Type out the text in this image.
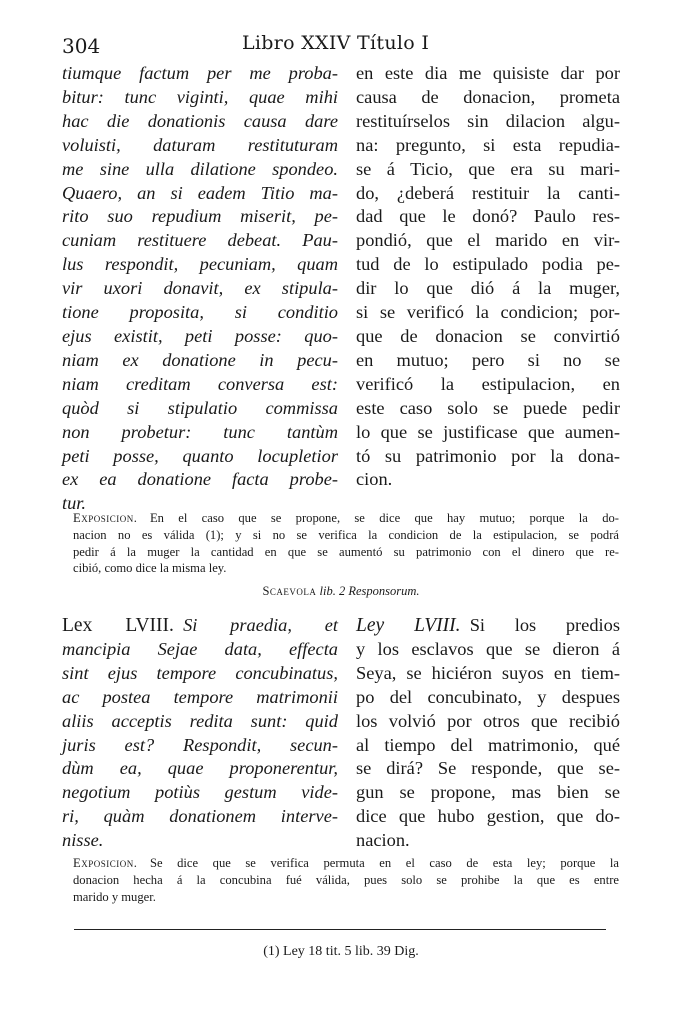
304	Libro XXIV Título I
tiumque factum per me proba-
bitur: tunc viginti, quae mihi
hac die donationis causa dare
voluisti, daturam restituturam
me sine ulla dilatione spondeo.
Quaero, an si eadem Titio ma-
rito suo repudium miserit, pe-
cuniam restituere debeat. Pau-
lus respondit, pecuniam, quam
vir uxori donavit, ex stipula-
tione proposita, si conditio
ejus existit, peti posse: quo-
niam ex donatione in pecu-
niam creditam conversa est:
quòd si stipulatio commissa
non probetur: tunc tantùm
peti posse, quanto locupletior
ex ea donatione facta probe-
tur.
en este dia me quisiste dar por
causa de donacion, prometa
restituírselos sin dilacion algu-
na: pregunto, si esta repudia-
se á Ticio, que era su mari-
do, ¿deberá restituir la canti-
dad que le donó? Paulo res-
pondió, que el marido en vir-
tud de lo estipulado podia pe-
dir lo que dió á la muger,
si se verificó la condicion; por-
que de donacion se convirtió
en mutuo; pero si no se
verificó la estipulacion, en
este caso solo se puede pedir
lo que se justificase que aumen-
tó su patrimonio por la dona-
cion.
Exposicion.  En el caso que se propone, se dice que hay mutuo; porque la do-
nacion no es válida (1); y si no se verifica la condicion de la estipulacion, se podrá
pedir á la muger la cantidad en que se aumentó su patrimonio con el dinero que re-
cibió, como dice la misma ley.
Scaevola lib. 2 Responsorum.
Lex LVIII.  Si praedia, et
mancipia Sejae data, effecta
sint ejus tempore concubinatus,
ac postea tempore matrimonii
aliis acceptis redita sunt: quid
juris est? Respondit, secun-
dùm ea, quae proponerentur,
negotium potiùs gestum vide-
ri, quàm donationem interve-
nisse.
Ley LVIII.  Si los predios
y los esclavos que se dieron á
Seya, se hiciéron suyos en tiem-
po del concubinato, y despues
los volvió por otros que recibió
al tiempo del matrimonio, qué
se dirá? Se responde, que se-
gun se propone, mas bien se
dice que hubo gestion, que do-
nacion.
Exposicion.  Se dice que se verifica permuta en el caso de esta ley; porque la
donacion hecha á la concubina fué válida, pues solo se prohibe la que es entre
marido y muger.
(1) Ley 18 tit. 5 lib. 39 Dig.
